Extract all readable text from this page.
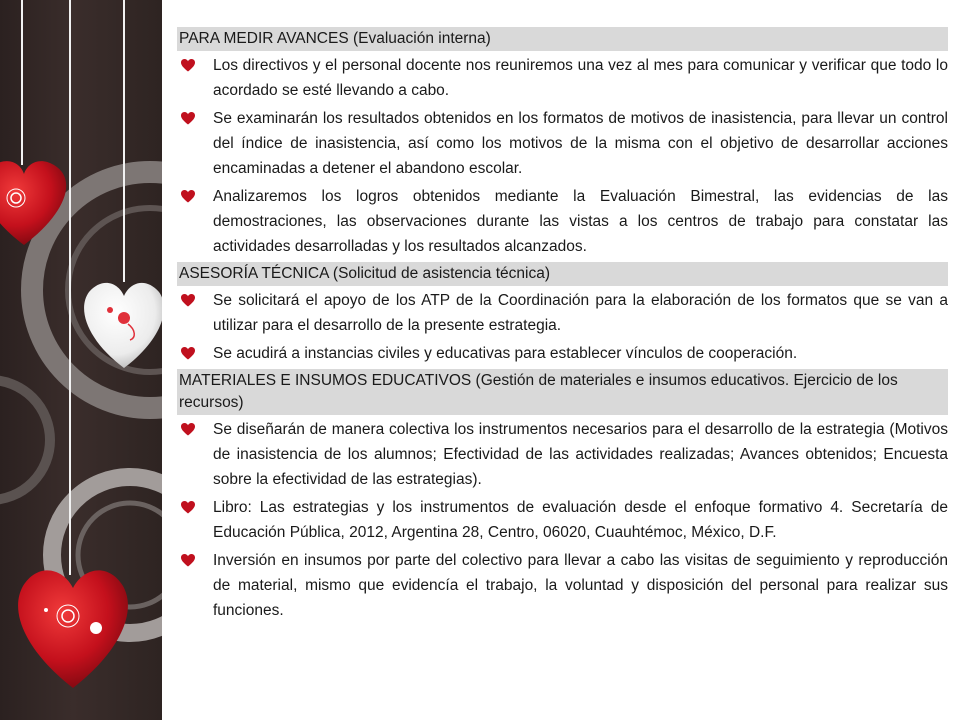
PARA MEDIR AVANCES (Evaluación interna)
Los directivos y el personal docente nos reuniremos una vez al mes para comunicar y verificar que todo lo acordado se esté llevando a cabo.
Se examinarán los resultados obtenidos en los formatos de motivos de inasistencia, para llevar un control del índice de inasistencia, así como los motivos de la misma con el objetivo de desarrollar acciones encaminadas a detener el abandono escolar.
Analizaremos los logros obtenidos mediante la Evaluación Bimestral, las evidencias de las demostraciones, las observaciones durante las vistas a los centros de trabajo para constatar las actividades desarrolladas y los resultados alcanzados.
ASESORÍA TÉCNICA (Solicitud de asistencia técnica)
Se solicitará el apoyo de los ATP de la Coordinación para la elaboración de los formatos que se van a utilizar para el desarrollo de la presente estrategia.
Se acudirá a instancias civiles y educativas para establecer vínculos de cooperación.
MATERIALES E INSUMOS EDUCATIVOS (Gestión de materiales e insumos educativos. Ejercicio de los recursos)
Se diseñarán de manera colectiva los instrumentos necesarios para el desarrollo de la estrategia (Motivos de inasistencia de los alumnos; Efectividad de las actividades realizadas; Avances obtenidos; Encuesta sobre la efectividad de las estrategias).
Libro: Las estrategias y los instrumentos de evaluación desde el enfoque formativo 4. Secretaría de Educación Pública, 2012, Argentina 28, Centro, 06020, Cuauhtémoc, México, D.F.
Inversión en insumos por parte del colectivo para llevar a cabo las visitas de seguimiento y reproducción de material, mismo que evidencía el trabajo, la voluntad y disposición del personal para realizar sus funciones.
